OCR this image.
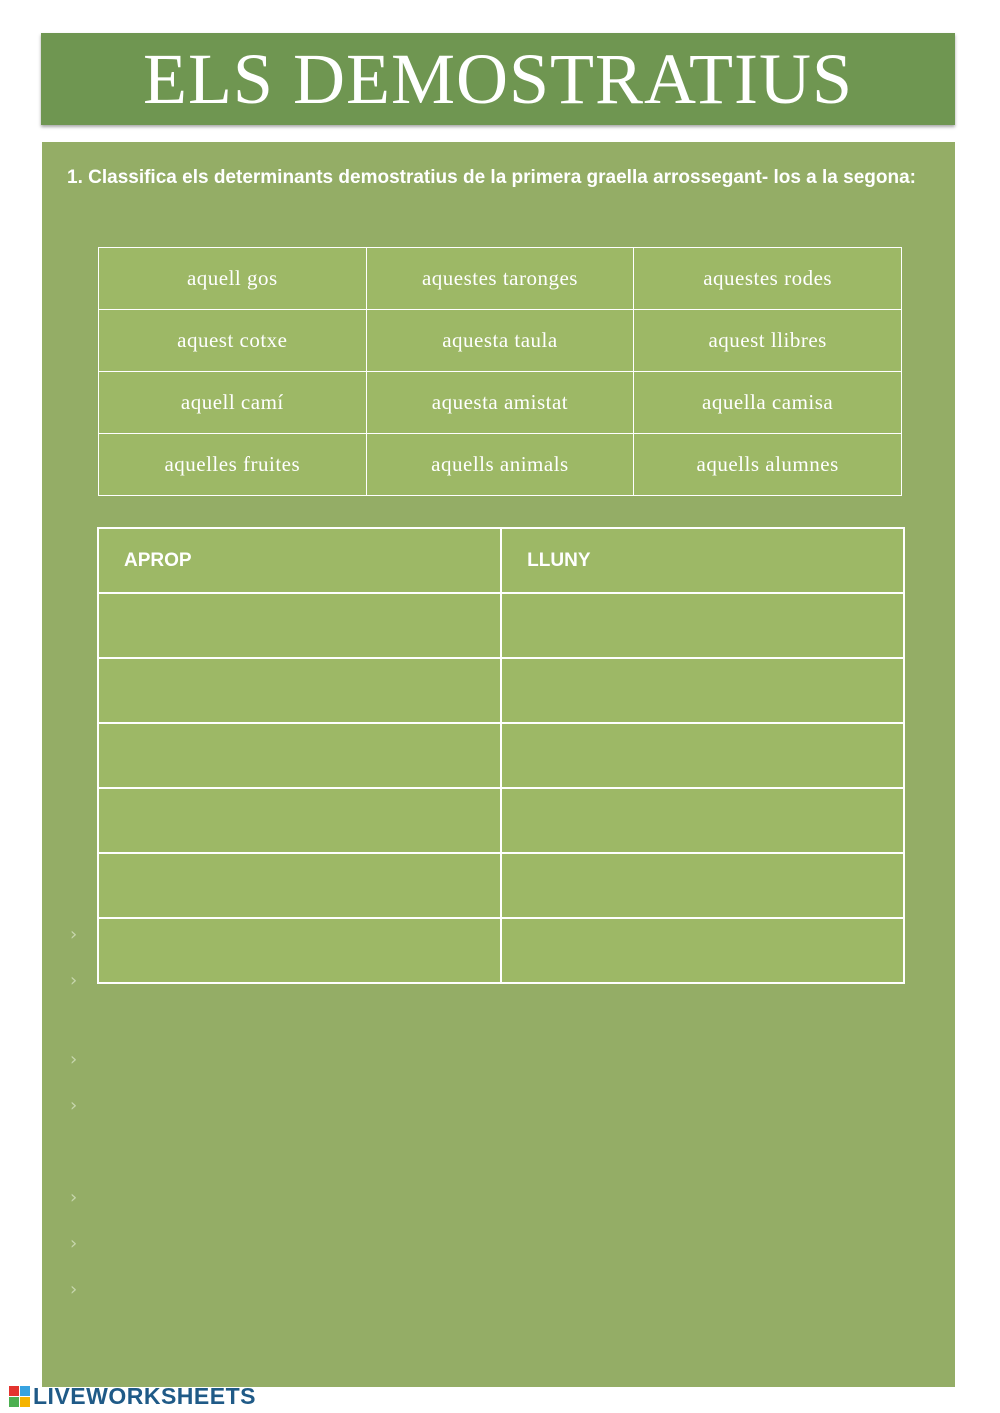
ELS DEMOSTRATIUS
1. Classifica els determinants demostratius de la primera graella arrossegant- los a la segona:
aquell gos	aquestes taronges	aquestes rodes
aquest cotxe	aquesta taula	aquest llibres
aquell camí	aquesta amistat	aquella camisa
aquelles fruites	aquells animals	aquells alumnes
APROP	LLUNY

›
›
›
›
›
›
›
LIVEWORKSHEETS
